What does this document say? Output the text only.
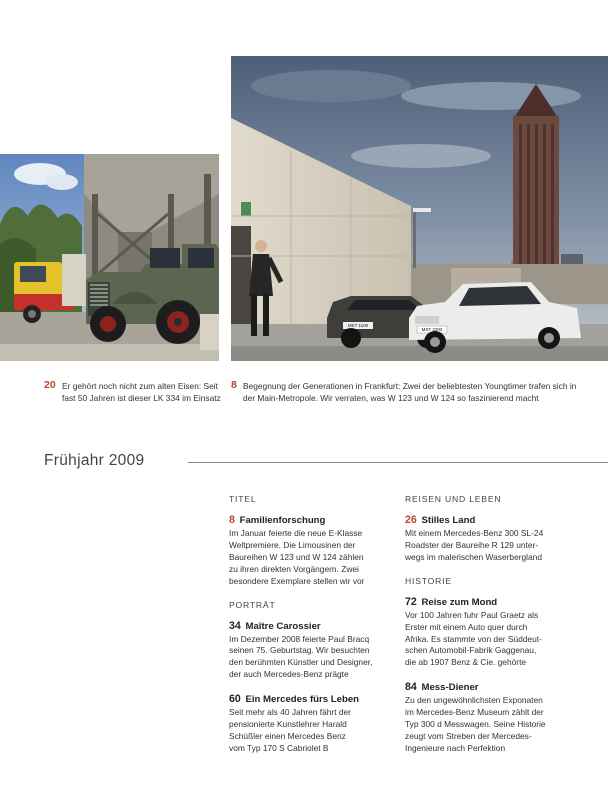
MST 1100
MST 2202
20 Er gehört noch nicht zum alten Eisen: Seit
fast 50 Jahren ist dieser LK 334 im Einsatz
8 Begegnung der Generationen in Frankfurt: Zwei der beliebtesten Youngtimer trafen sich in
der Main-Metropole. Wir verraten, was W 123 und W 124 so faszinierend macht
Frühjahr 2009
TITEL
8 Familienforschung
Im Januar feierte die neue E-Klasse
Weltpremiere. Die Limousinen der
Baureihen W 123 und W 124 zählen
zu ihren direkten Vorgängern. Zwei
besondere Exemplare stellen wir vor
PORTRÄT
34 Maître Carossier
Im Dezember 2008 feierte Paul Bracq
seinen 75. Geburtstag. Wir besuchten
den berühmten Künstler und Designer,
der auch Mercedes-Benz prägte
60 Ein Mercedes fürs Leben
Seit mehr als 40 Jahren fährt der
pensionierte Kunstlehrer Harald
Schüßler einen Mercedes Benz
vom Typ 170 S Cabriolet B
REISEN UND LEBEN
26 Stilles Land
Mit einem Mercedes-Benz 300 SL-24
Roadster der Baureihe R 129 unter-
wegs im malerischen Waserbergland
HISTORIE
72 Reise zum Mond
Vor 100 Jahren fuhr Paul Graetz als
Erster mit einem Auto quer durch
Afrika. Es stammte von der Süddeut-
schen Automobil-Fabrik Gaggenau,
die ab 1907 Benz & Cie. gehörte
84 Mess-Diener
Zu den ungewöhnlichsten Exponaten
im Mercedes-Benz Museum zählt der
Typ 300 d Messwagen. Seine Historie
zeugt vom Streben der Mercedes-
Ingenieure nach Perfektion
